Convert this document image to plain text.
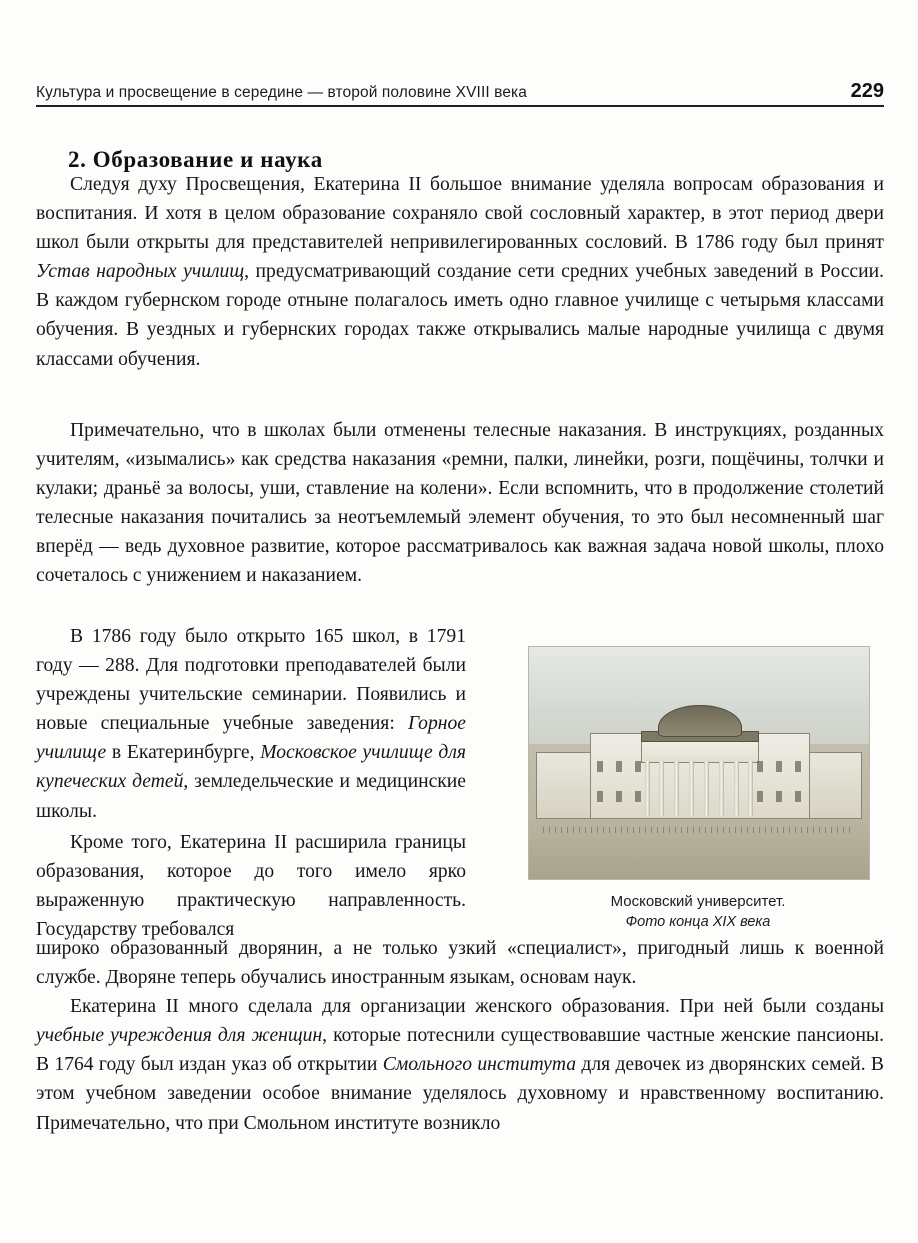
Культура и просвещение в середине — второй половине XVIII века	229
2. Образование и наука

Следуя духу Просвещения, Екатерина II большое внимание уделяла вопросам образования и воспитания. И хотя в целом образование сохраняло свой сословный характер, в этот период двери школ были открыты для представителей непривилегированных сословий. В 1786 году был принят Устав народных училищ, предусматривающий создание сети средних учебных заведений в России. В каждом губернском городе отныне полагалось иметь одно главное училище с четырьмя классами обучения. В уездных и губернских городах также открывались малые народные училища с двумя классами обучения.

Примечательно, что в школах были отменены телесные наказания. В инструкциях, розданных учителям, «изымались» как средства наказания «ремни, палки, линейки, розги, пощёчины, толчки и кулаки; драньё за волосы, уши, ставление на колени». Если вспомнить, что в продолжение столетий телесные наказания почитались за неотъемлемый элемент обучения, то это был несомненный шаг вперёд — ведь духовное развитие, которое рассматривалось как важная задача новой школы, плохо сочеталось с унижением и наказанием.

В 1786 году было открыто 165 школ, в 1791 году — 288. Для подготовки преподавателей были учреждены учительские семинарии. Появились и новые специальные учебные заведения: Горное училище в Екатеринбурге, Московское училище для купеческих детей, земледельческие и медицинские школы.

Кроме того, Екатерина II расширила границы образования, которое до того имело ярко выраженную практическую направленность. Государству требовался

Московский университет.
Фото конца XIX века

широко образованный дворянин, а не только узкий «специалист», пригодный лишь к военной службе. Дворяне теперь обучались иностранным языкам, основам наук.

Екатерина II много сделала для организации женского образования. При ней были созданы учебные учреждения для женщин, которые потеснили существовавшие частные женские пансионы. В 1764 году был издан указ об открытии Смольного института для девочек из дворянских семей. В этом учебном заведении особое внимание уделялось духовному и нравственному воспитанию. Примечательно, что при Смольном институте возникло
